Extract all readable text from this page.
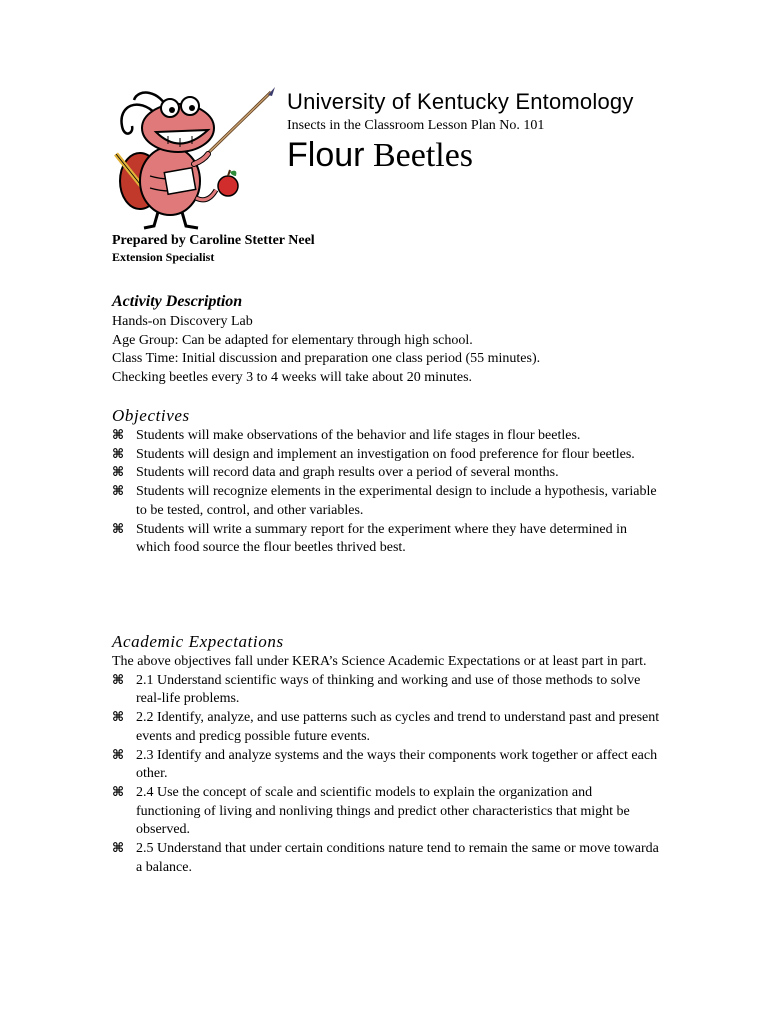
University of Kentucky Entomology
Insects in the Classroom Lesson Plan No. 101
Flour Beetles
Prepared by Caroline Stetter Neel
Extension Specialist
Activity Description
Hands-on Discovery Lab
Age Group: Can be adapted for elementary through high school.
Class Time: Initial discussion and preparation one class period (55 minutes).
Checking beetles every 3 to 4 weeks will take about 20 minutes.
Objectives
⌘ Students will make observations of the behavior and life stages in flour beetles.
⌘ Students will design and implement an investigation on food preference for flour beetles.
⌘ Students will record data and graph results over a period of several months.
⌘ Students will recognize elements in the experimental design to include a hypothesis, variable to be tested, control, and other variables.
⌘ Students will write a summary report for the experiment where they have determined in which food source the flour beetles thrived best.
Academic Expectations
The above objectives fall under KERA’s Science Academic Expectations or at least part in part.
⌘ 2.1 Understand scientific ways of thinking and working and use of those methods to solve real-life problems.
⌘ 2.2 Identify, analyze, and use patterns such as cycles and trend to understand past and present events and predicg possible future events.
⌘ 2.3 Identify and analyze systems and the ways their components work together or affect each other.
⌘ 2.4 Use the concept of scale and scientific models to explain the organization and functioning of living and nonliving things and predict other characteristics that might be observed.
⌘ 2.5 Understand that under certain conditions nature tend to remain the same or move towarda a balance.
